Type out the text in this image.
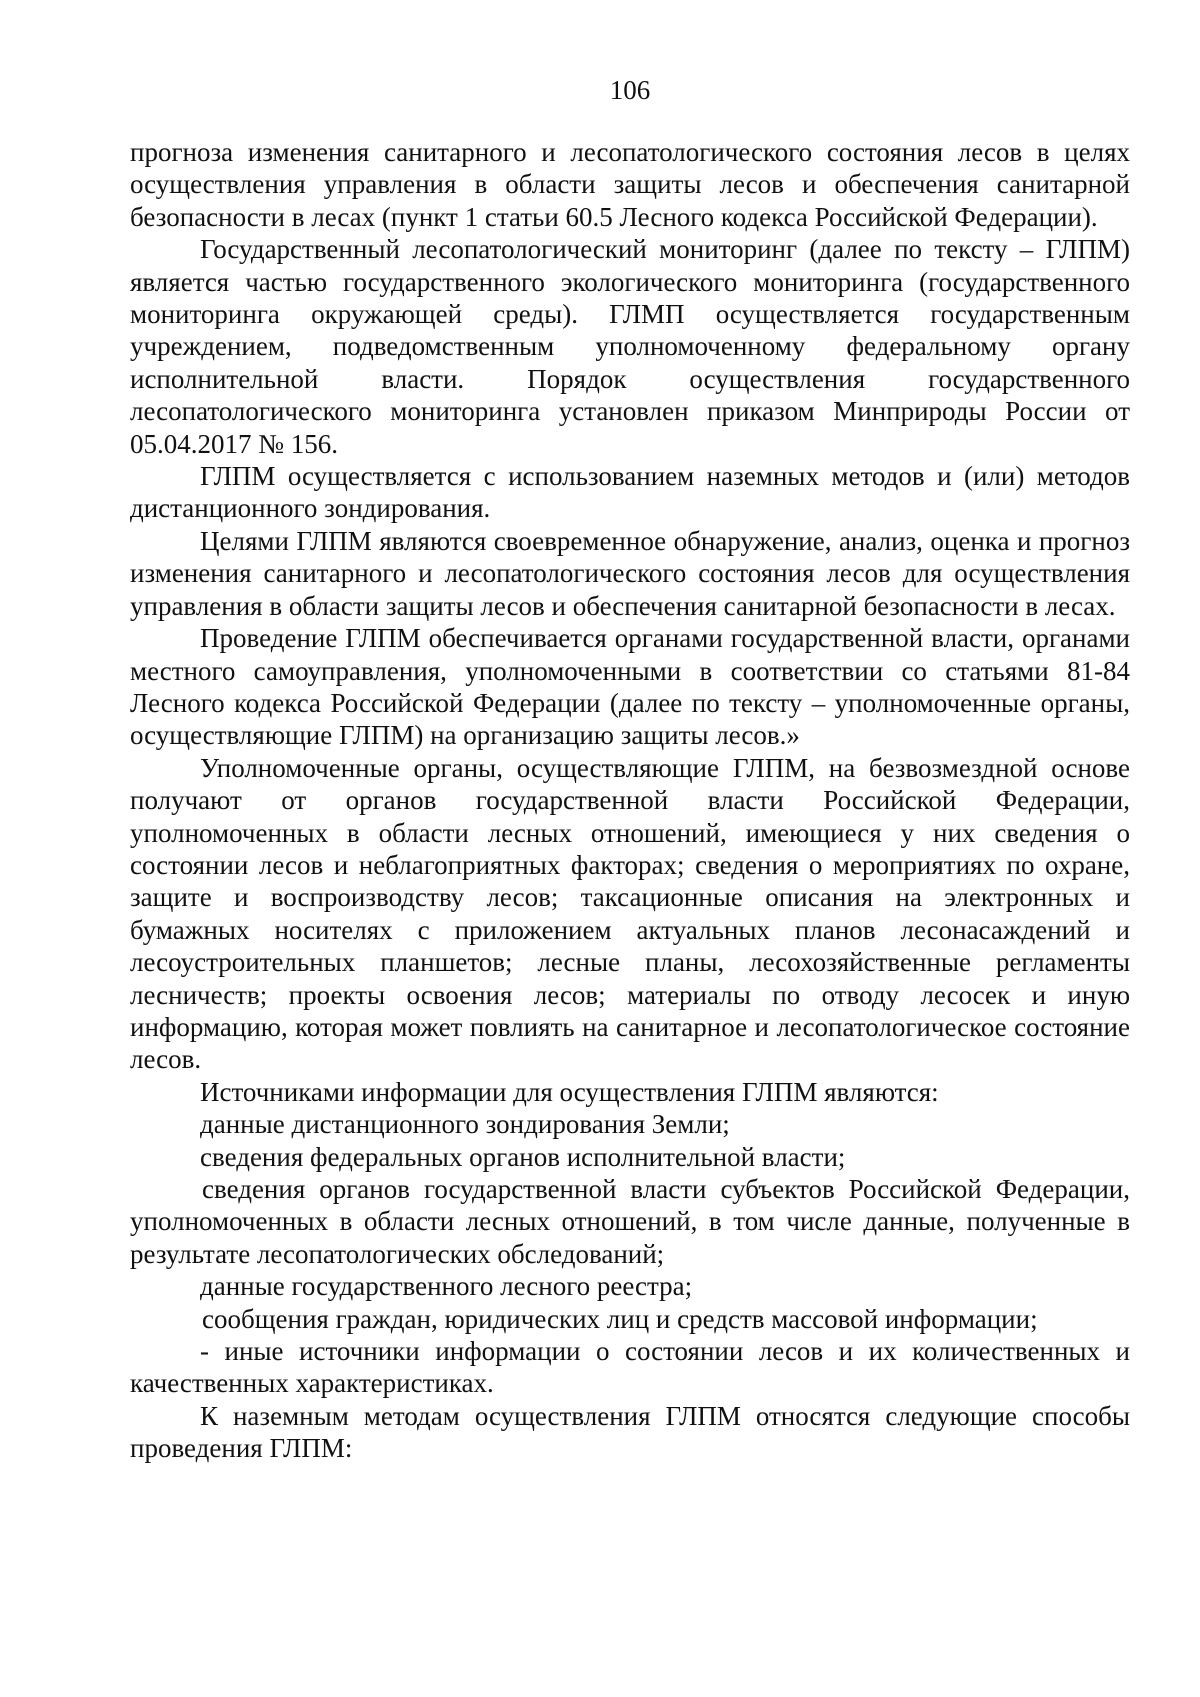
106

прогноза изменения санитарного и лесопатологического состояния лесов в целях осуществления управления в области защиты лесов и обеспечения санитарной безопасности в лесах (пункт 1 статьи 60.5 Лесного кодекса Российской Федерации).

Государственный лесопатологический мониторинг (далее по тексту – ГЛПМ) является частью государственного экологического мониторинга (государственного мониторинга окружающей среды). ГЛМП осуществляется государственным учреждением, подведомственным уполномоченному федеральному органу исполнительной власти. Порядок осуществления государственного лесопатологического мониторинга установлен приказом Минприроды России от 05.04.2017 № 156.

ГЛПМ осуществляется с использованием наземных методов и (или) методов дистанционного зондирования.

Целями ГЛПМ являются своевременное обнаружение, анализ, оценка и прогноз изменения санитарного и лесопатологического состояния лесов для осуществления управления в области защиты лесов и обеспечения санитарной безопасности в лесах.

Проведение ГЛПМ обеспечивается органами государственной власти, органами местного самоуправления, уполномоченными в соответствии со статьями 81-84 Лесного кодекса Российской Федерации (далее по тексту – уполномоченные органы, осуществляющие ГЛПМ) на организацию защиты лесов.»

Уполномоченные органы, осуществляющие ГЛПМ, на безвозмездной основе получают от органов государственной власти Российской Федерации, уполномоченных в области лесных отношений, имеющиеся у них сведения о состоянии лесов и неблагоприятных факторах; сведения о мероприятиях по охране, защите и воспроизводству лесов; таксационные описания на электронных и бумажных носителях с приложением актуальных планов лесонасаждений и лесоустроительных планшетов; лесные планы, лесохозяйственные регламенты лесничеств; проекты освоения лесов; материалы по отводу лесосек и иную информацию, которая может повлиять на санитарное и лесопатологическое состояние лесов.

Источниками информации для осуществления ГЛПМ являются:

данные дистанционного зондирования Земли;

сведения федеральных органов исполнительной власти;

сведения органов государственной власти субъектов Российской Федерации, уполномоченных в области лесных отношений, в том числе данные, полученные в результате лесопатологических обследований;

данные государственного лесного реестра;

сообщения граждан, юридических лиц и средств массовой информации;

- иные источники информации о состоянии лесов и их количественных и качественных характеристиках.

К наземным методам осуществления ГЛПМ относятся следующие способы проведения ГЛПМ:
